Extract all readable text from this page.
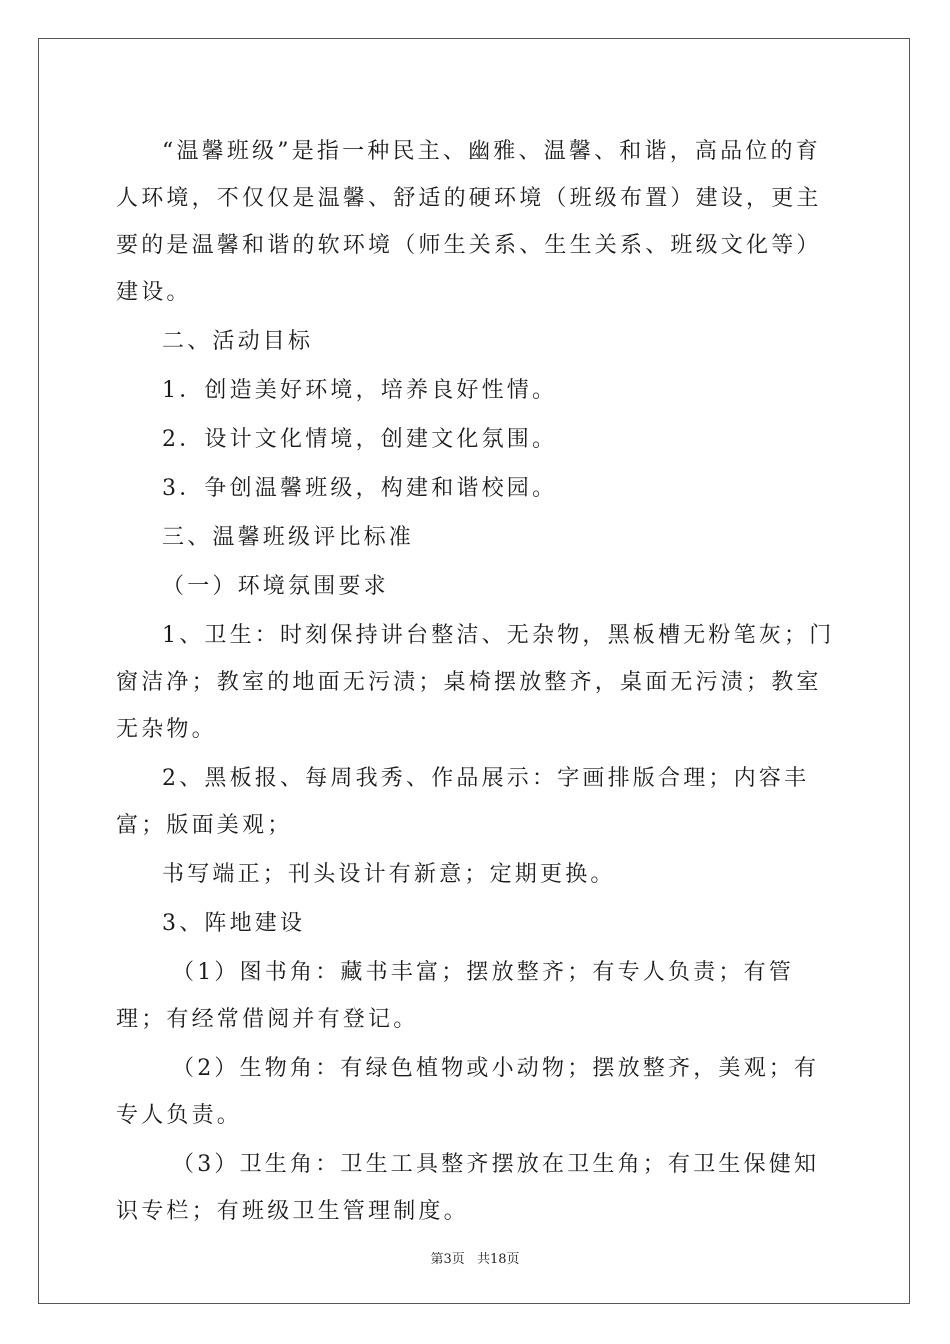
“温馨班级”是指一种民主、幽雅、温馨、和谐，高品位的育人环境，不仅仅是温馨、舒适的硬环境（班级布置）建设，更主要的是温馨和谐的软环境（师生关系、生生关系、班级文化等）建设。

二、活动目标

1．创造美好环境，培养良好性情。

2．设计文化情境，创建文化氛围。

3．争创温馨班级，构建和谐校园。

三、温馨班级评比标准

（一）环境氛围要求

1、卫生：时刻保持讲台整洁、无杂物，黑板槽无粉笔灰；门窗洁净；教室的地面无污渍；桌椅摆放整齐，桌面无污渍；教室无杂物。

2、黑板报、每周我秀、作品展示：字画排版合理；内容丰富；版面美观；

书写端正；刊头设计有新意；定期更换。

3、阵地建设

（1）图书角：藏书丰富；摆放整齐；有专人负责；有管理；有经常借阅并有登记。

（2）生物角：有绿色植物或小动物；摆放整齐，美观；有专人负责。

（3）卫生角：卫生工具整齐摆放在卫生角；有卫生保健知识专栏；有班级卫生管理制度。

第3页 共18页
